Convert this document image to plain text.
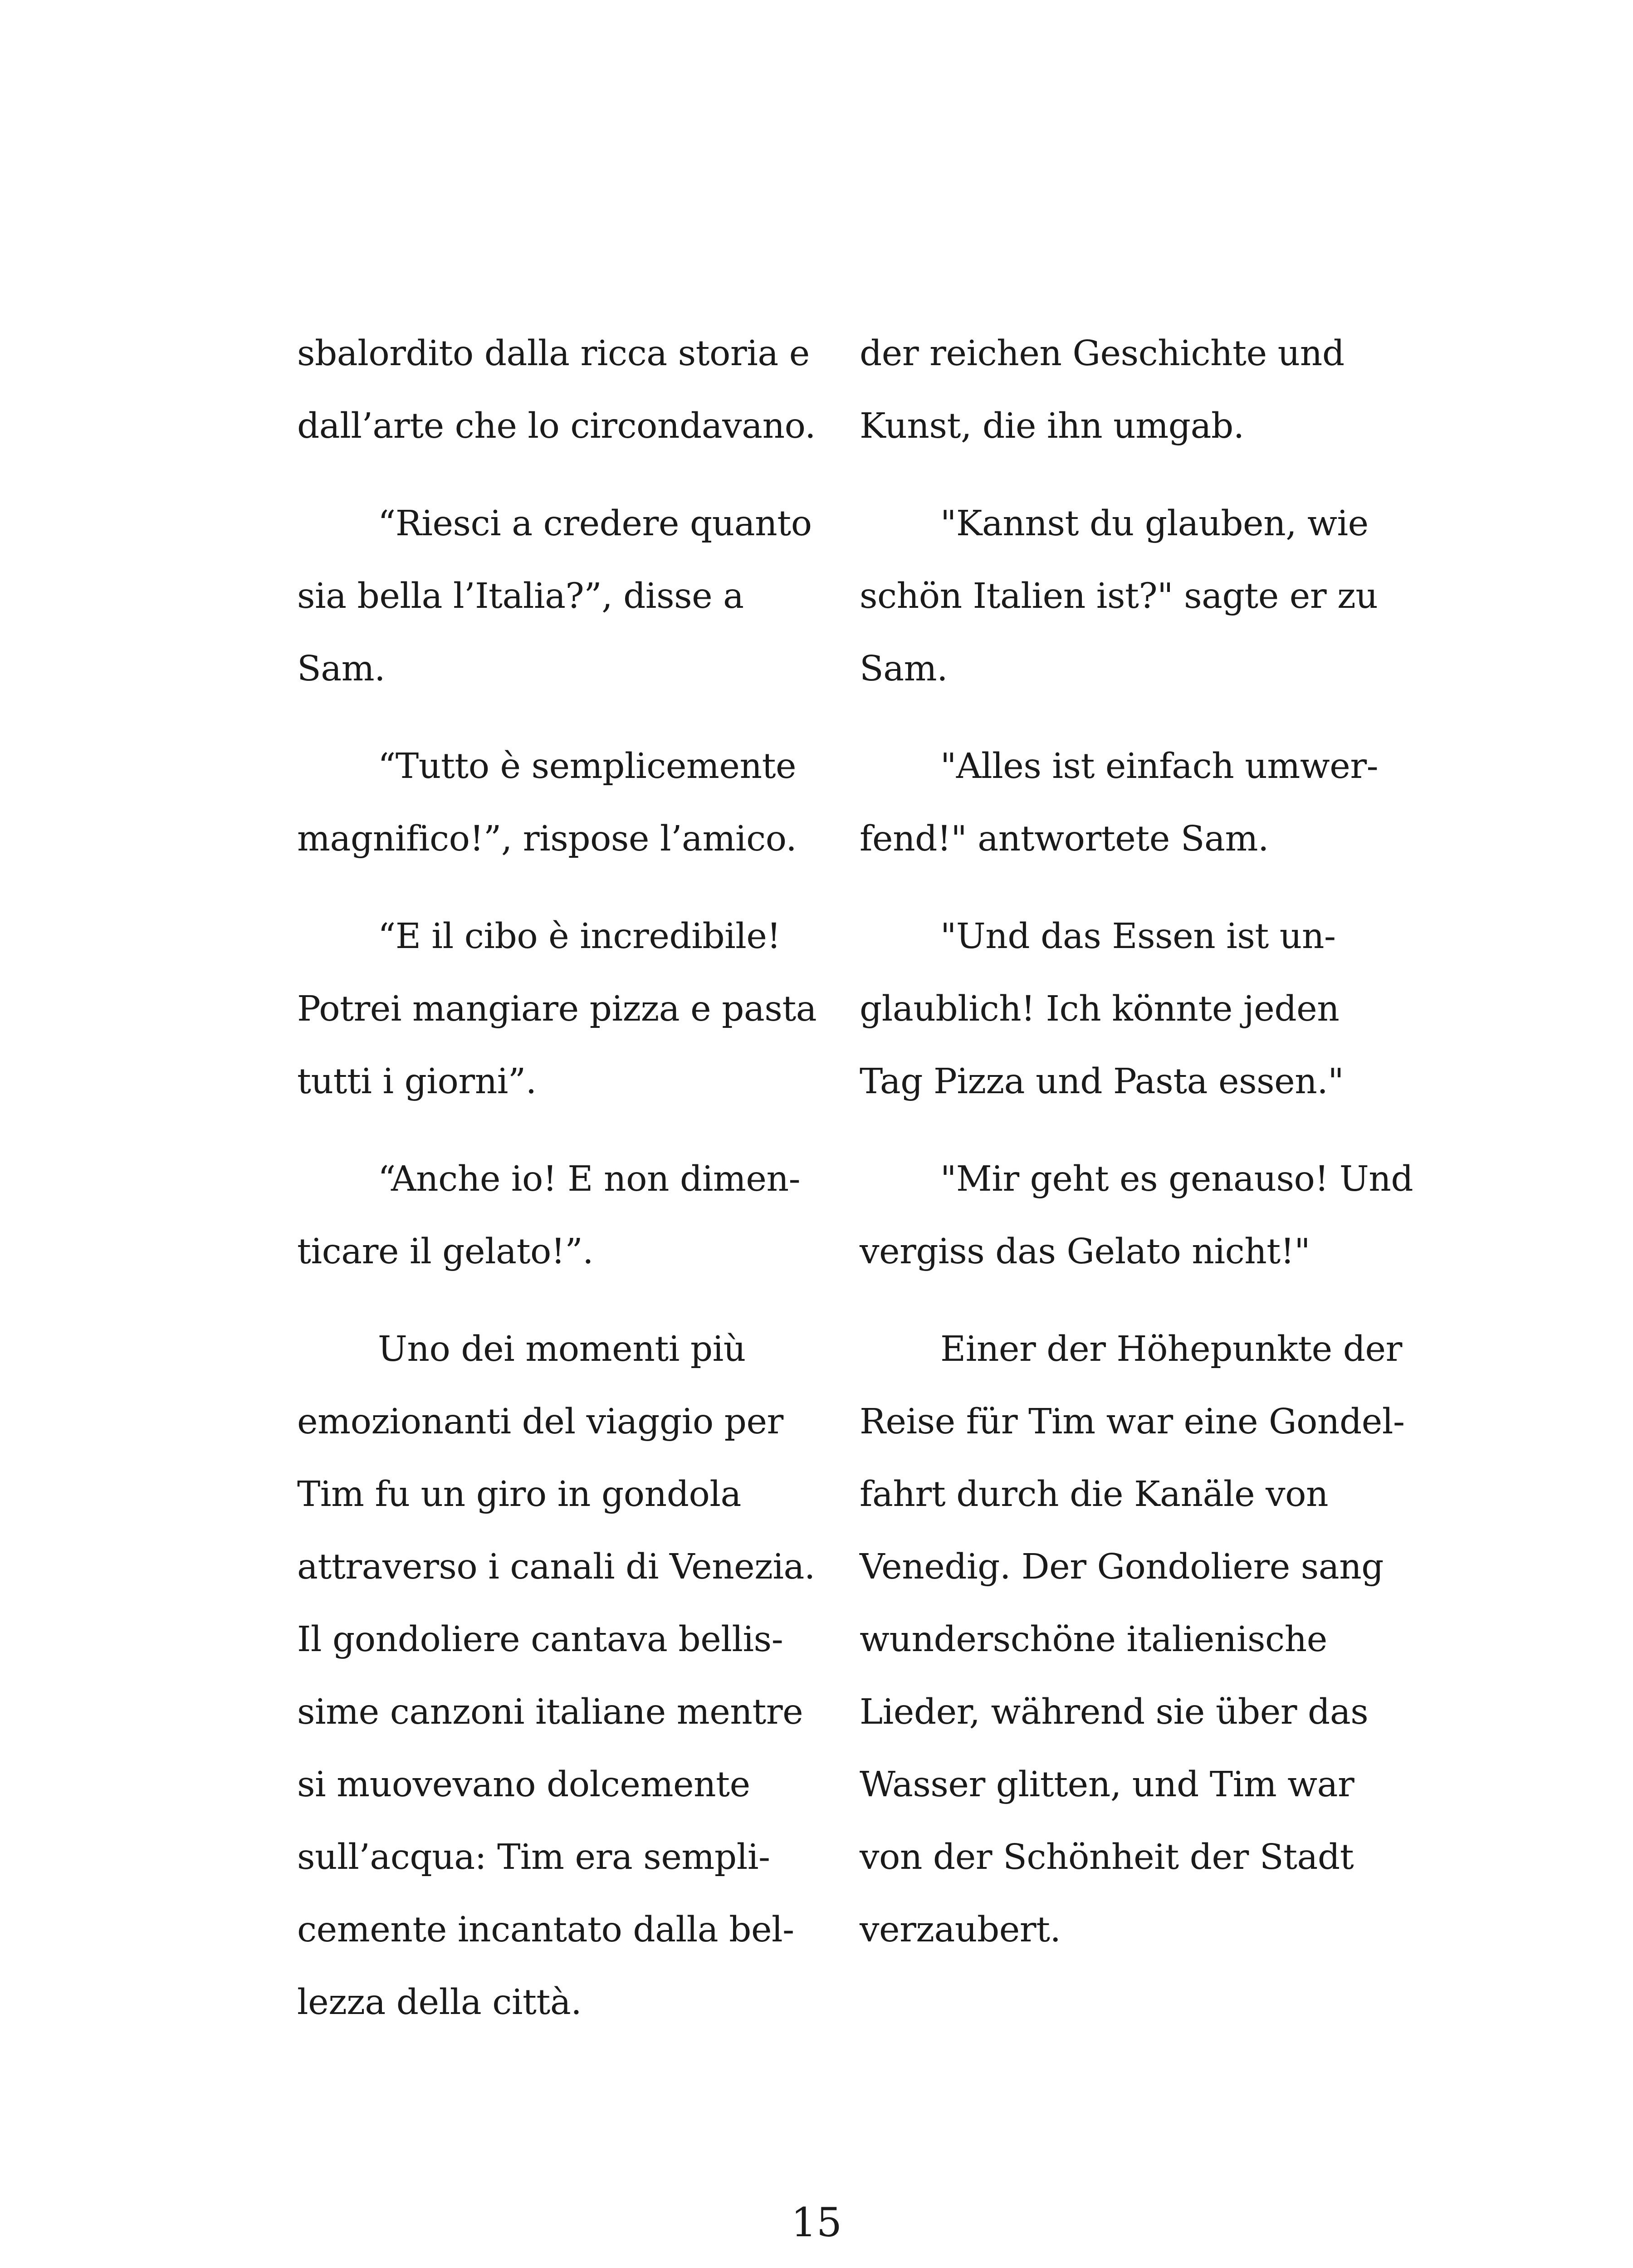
sbalordito dalla ricca storia e
dall’arte che lo circondavano.
“Riesci a credere quanto
sia bella l’Italia?”, disse a
Sam.
“Tutto è semplicemente
magnifico!”, rispose l’amico.
“E il cibo è incredibile!
Potrei mangiare pizza e pasta
tutti i giorni”.
“Anche io! E non dimen-
ticare il gelato!”.
Uno dei momenti più
emozionanti del viaggio per
Tim fu un giro in gondola
attraverso i canali di Venezia.
Il gondoliere cantava bellis-
sime canzoni italiane mentre
si muovevano dolcemente
sull’acqua: Tim era sempli-
cemente incantato dalla bel-
lezza della città.
der reichen Geschichte und
Kunst, die ihn umgab.
"Kannst du glauben, wie
schön Italien ist?" sagte er zu
Sam.
"Alles ist einfach umwer-
fend!" antwortete Sam.
"Und das Essen ist un-
glaublich! Ich könnte jeden
Tag Pizza und Pasta essen."
"Mir geht es genauso! Und
vergiss das Gelato nicht!"
Einer der Höhepunkte der
Reise für Tim war eine Gondel-
fahrt durch die Kanäle von
Venedig. Der Gondoliere sang
wunderschöne italienische
Lieder, während sie über das
Wasser glitten, und Tim war
von der Schönheit der Stadt
verzaubert.
15
